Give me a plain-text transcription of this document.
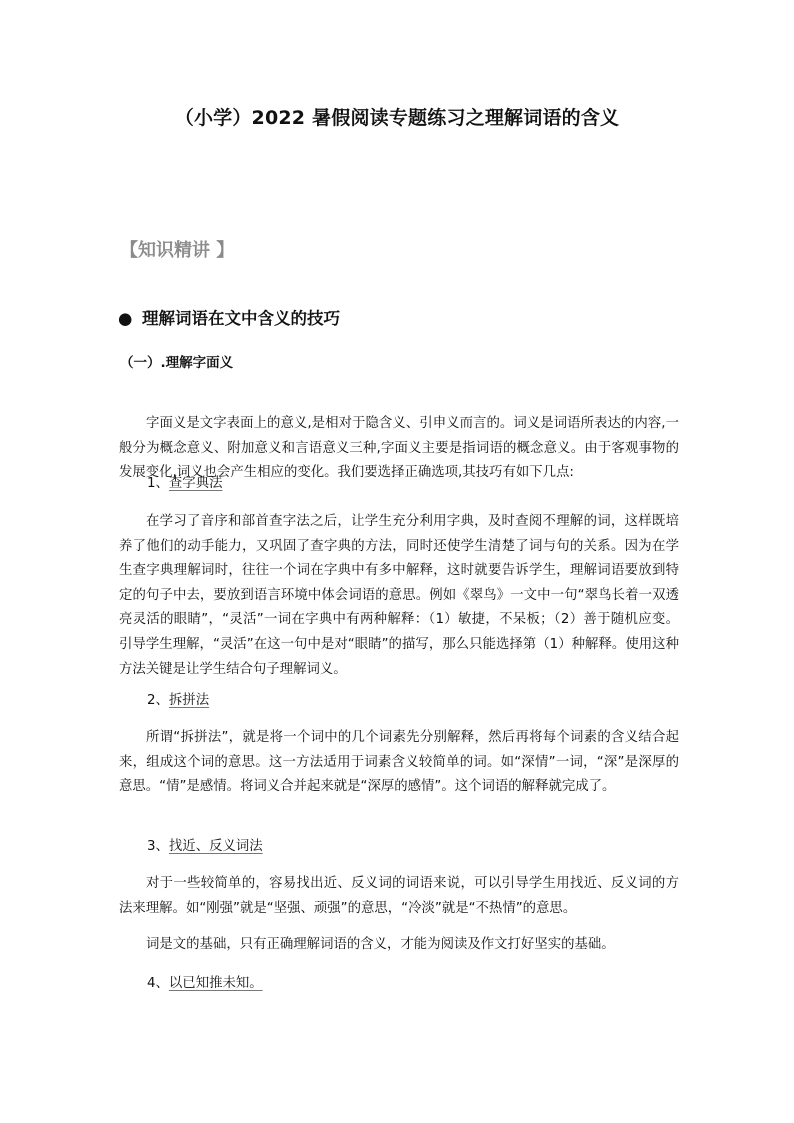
（小学）2022 暑假阅读专题练习之理解词语的含义
【知识精讲 】
● 理解词语在文中含义的技巧
（一）.理解字面义
字面义是文字表面上的意义,是相对于隐含义、引申义而言的。词义是词语所表达的内容,一般分为概念意义、附加意义和言语意义三种,字面义主要是指词语的概念意义。由于客观事物的发展变化,词义也会产生相应的变化。我们要选择正确选项,其技巧有如下几点:
1、查字典法
在学习了音序和部首查字法之后，让学生充分利用字典，及时查阅不理解的词，这样既培养了他们的动手能力，又巩固了查字典的方法，同时还使学生清楚了词与句的关系。因为在学生查字典理解词时，往往一个词在字典中有多中解释，这时就要告诉学生，理解词语要放到特定的句子中去，要放到语言环境中体会词语的意思。例如《翠鸟》一文中一句“翠鸟长着一双透亮灵活的眼睛”，“灵活”一词在字典中有两种解释：（1）敏捷，不呆板；（2）善于随机应变。引导学生理解，“灵活”在这一句中是对“眼睛”的描写，那么只能选择第（1）种解释。使用这种方法关键是让学生结合句子理解词义。
2、拆拼法
所谓“拆拼法”，就是将一个词中的几个词素先分别解释，然后再将每个词素的含义结合起来，组成这个词的意思。这一方法适用于词素含义较简单的词。如“深情”一词，“深”是深厚的意思。“情”是感情。将词义合并起来就是“深厚的感情”。这个词语的解释就完成了。
3、找近、反义词法
对于一些较简单的，容易找出近、反义词的词语来说，可以引导学生用找近、反义词的方法来理解。如“刚强”就是“坚强、顽强”的意思，“冷淡”就是“不热情”的意思。
词是文的基础，只有正确理解词语的含义，才能为阅读及作文打好坚实的基础。
4、以已知推未知。
